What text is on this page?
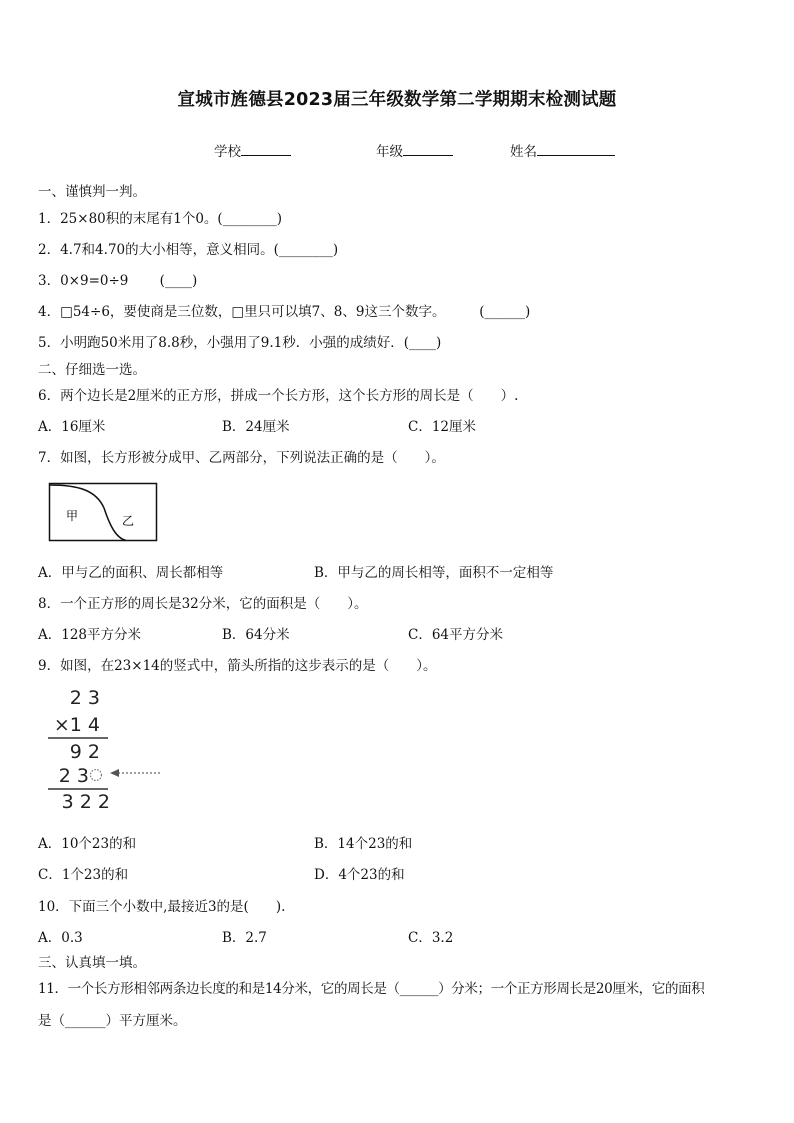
宣城市旌德县2023届三年级数学第二学期期末检测试题
学校	年级	姓名
一、谨慎判一判。
1．25×80积的末尾有1个0。(________)
2．4.7和4.70的大小相等，意义相同。(________)
3．0×9=0÷9　　 (____)
4．□54÷6，要使商是三位数，□里只可以填7、8、9这三个数字。　　　(______)
5．小明跑50米用了8.8秒，小强用了9.1秒．小强的成绩好．(____)
二、仔细选一选。
6．两个边长是2厘米的正方形，拼成一个长方形，这个长方形的周长是（　　）.
A．16厘米	B．24厘米	C．12厘米
7．如图，长方形被分成甲、乙两部分，下列说法正确的是（　　）。
甲	乙
A．甲与乙的面积、周长都相等	B．甲与乙的周长相等，面积不一定相等
8．一个正方形的周长是32分米，它的面积是（　　）。
A．128平方分米	B．64分米	C．64平方分米
9．如图，在23×14的竖式中，箭头所指的这步表示的是（　　）。
2 3
×1 4
9 2
2 3
3 2 2
A．10个23的和	B．14个23的和
C．1个23的和	D．4个23的和
10．下面三个小数中,最接近3的是(　　).
A．0.3	B．2.7	C．3.2
三、认真填一填。
11．一个长方形相邻两条边长度的和是14分米，它的周长是（______）分米；一个正方形周长是20厘米，它的面积
是（______）平方厘米。
